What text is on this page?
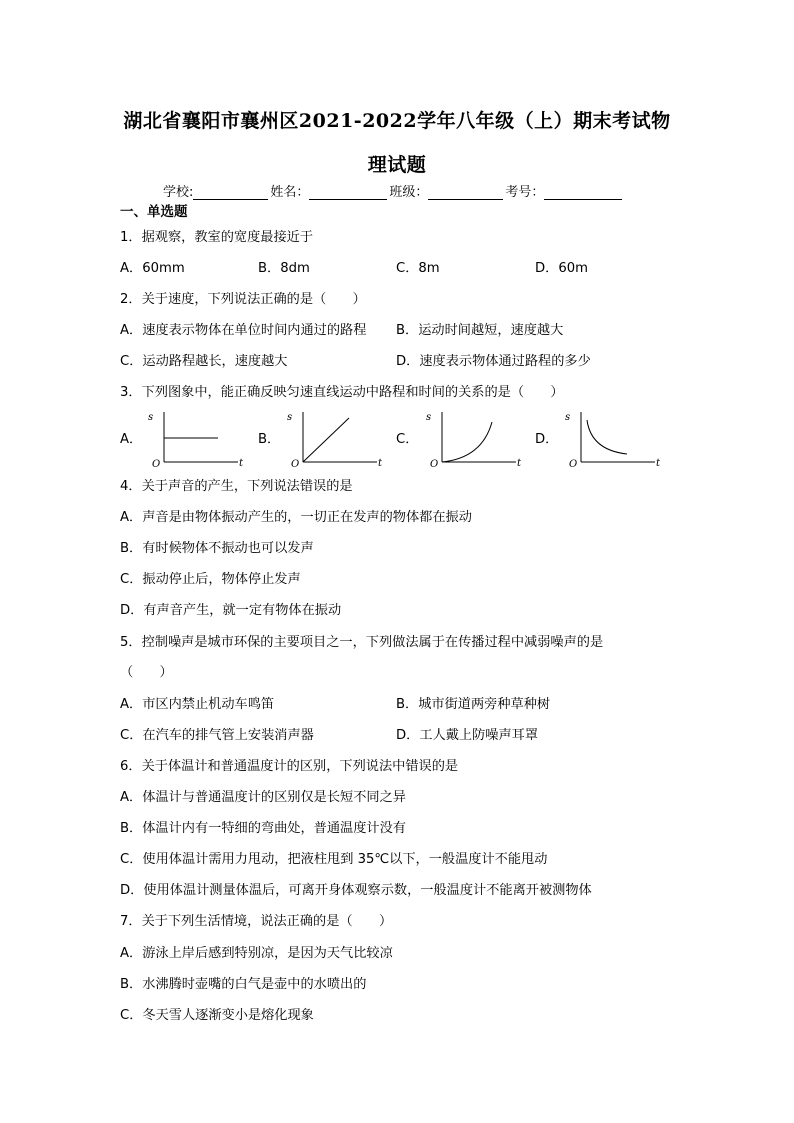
湖北省襄阳市襄州区2021-2022学年八年级（上）期末考试物
理试题
学校:	姓名：	班级：	考号：
一、单选题
1．据观察，教室的宽度最接近于
A．60mm	B．8dm	C．8m	D．60m
2．关于速度，下列说法正确的是（　　）
A．速度表示物体在单位时间内通过的路程 B．运动时间越短，速度越大
C．运动路程越长，速度越大	D．速度表示物体通过路程的多少
3．下列图象中，能正确反映匀速直线运动中路程和时间的关系的是（　　）
A．
s
t
O
B．
s
t
O
C．
s
t
O
D．
s
t
O
4．关于声音的产生，下列说法错误的是
A．声音是由物体振动产生的，一切正在发声的物体都在振动
B．有时候物体不振动也可以发声
C．振动停止后，物体停止发声
D．有声音产生，就一定有物体在振动
5．控制噪声是城市环保的主要项目之一，下列做法属于在传播过程中减弱噪声的是
（　　）
A．市区内禁止机动车鸣笛	B．城市街道两旁种草种树
C．在汽车的排气管上安装消声器	D．工人戴上防噪声耳罩
6．关于体温计和普通温度计的区别，下列说法中错误的是
A．体温计与普通温度计的区别仅是长短不同之异
B．体温计内有一特细的弯曲处，普通温度计没有
C．使用体温计需用力甩动，把液柱甩到 35℃以下，一般温度计不能甩动
D．使用体温计测量体温后，可离开身体观察示数，一般温度计不能离开被测物体
7．关于下列生活情境，说法正确的是（　　）
A．游泳上岸后感到特别凉，是因为天气比较凉
B．水沸腾时壶嘴的白气是壶中的水喷出的
C．冬天雪人逐渐变小是熔化现象
